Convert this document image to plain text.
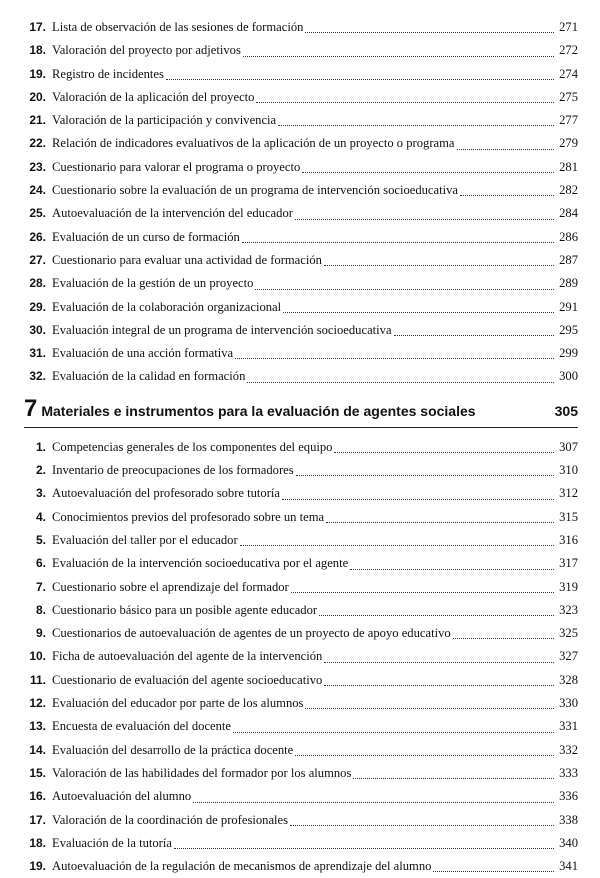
17. Lista de observación de las sesiones de formación	271
18. Valoración del proyecto por adjetivos	272
19. Registro de incidentes	274
20. Valoración de la aplicación del proyecto	275
21. Valoración de la participación y convivencia	277
22. Relación de indicadores evaluativos de la aplicación de un proyecto o programa	279
23. Cuestionario para valorar el programa o proyecto	281
24. Cuestionario sobre la evaluación de un programa de intervención socioeducativa	282
25. Autoevaluación de la intervención del educador	284
26. Evaluación de un curso de formación	286
27. Cuestionario para evaluar una actividad de formación	287
28. Evaluación de la gestión de un proyecto	289
29. Evaluación de la colaboración organizacional	291
30. Evaluación integral de un programa de intervención socioeducativa	295
31. Evaluación de una acción formativa	299
32. Evaluación de la calidad en formación	300
7 Materiales e instrumentos para la evaluación de agentes sociales	305
1. Competencias generales de los componentes del equipo	307
2. Inventario de preocupaciones de los formadores	310
3. Autoevaluación del profesorado sobre tutoría	312
4. Conocimientos previos del profesorado sobre un tema	315
5. Evaluación del taller por el educador	316
6. Evaluación de la intervención socioeducativa por el agente	317
7. Cuestionario sobre el aprendizaje del formador	319
8. Cuestionario básico para un posible agente educador	323
9. Cuestionarios de autoevaluación de agentes de un proyecto de apoyo educativo	325
10. Ficha de autoevaluación del agente de la intervención	327
11. Cuestionario de evaluación del agente socioeducativo	328
12. Evaluación del educador por parte de los alumnos	330
13. Encuesta de evaluación del docente	331
14. Evaluación del desarrollo de la práctica docente	332
15. Valoración de las habilidades del formador por los alumnos	333
16. Autoevaluación del alumno	336
17. Valoración de la coordinación de profesionales	338
18. Evaluación de la tutoría	340
19. Autoevaluación de la regulación de mecanismos de aprendizaje del alumno	341
